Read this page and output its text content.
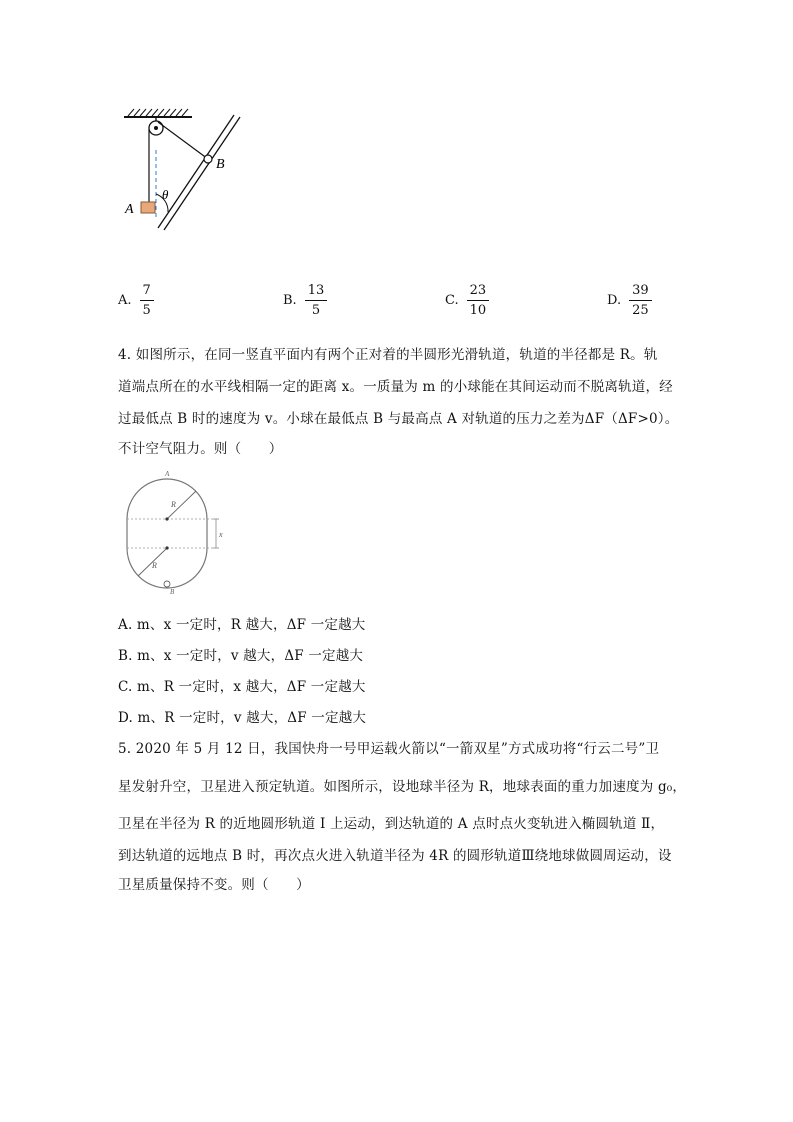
A
B
θ
A. $\frac{7}{5}$	B. $\frac{13}{5}$	C. $\frac{23}{10}$	D. $\frac{39}{25}$
4. 如图所示，在同一竖直平面内有两个正对着的半圆形光滑轨道，轨道的半径都是 R。轨
道端点所在的水平线相隔一定的距离 x。一质量为 m 的小球能在其间运动而不脱离轨道，经
过最低点 B 时的速度为 v。小球在最低点 B 与最高点 A 对轨道的压力之差为ΔF（ΔF>0）。
不计空气阻力。则（　　）
A
B
R
R
x
A. m、x 一定时，R 越大，ΔF 一定越大
B. m、x 一定时，v 越大，ΔF 一定越大
C. m、R 一定时，x 越大，ΔF 一定越大
D. m、R 一定时，v 越大，ΔF 一定越大
5. 2020 年 5 月 12 日，我国快舟一号甲运载火箭以“一箭双星”方式成功将“行云二号”卫
星发射升空，卫星进入预定轨道。如图所示，设地球半径为 R，地球表面的重力加速度为 g₀，
卫星在半径为 R 的近地圆形轨道 Ⅰ 上运动，到达轨道的 A 点时点火变轨进入椭圆轨道 Ⅱ，
到达轨道的远地点 B 时，再次点火进入轨道半径为 4R 的圆形轨道Ⅲ绕地球做圆周运动，设
卫星质量保持不变。则（　　）
